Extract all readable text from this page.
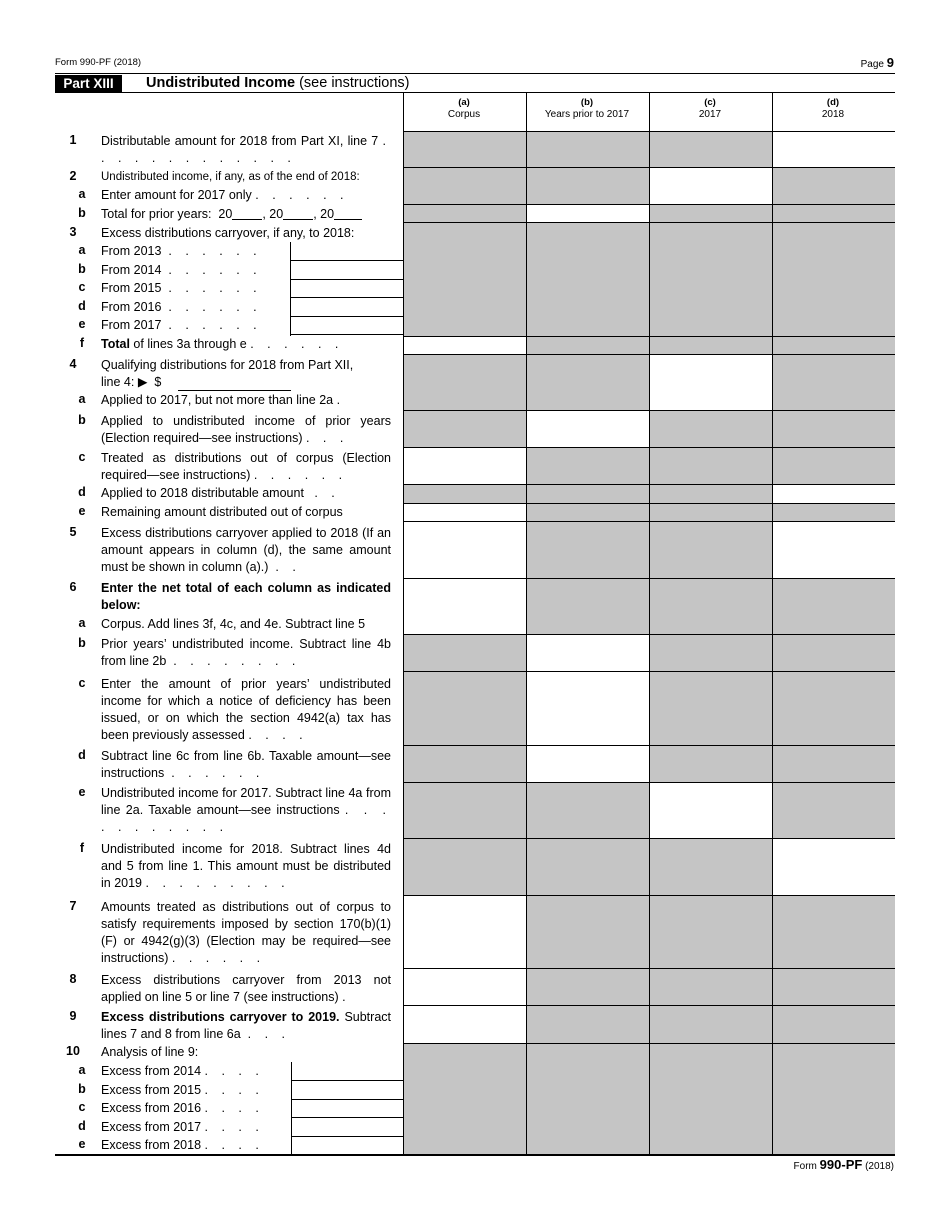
Form 990-PF (2018)	Page 9
Part XIII	Undistributed Income (see instructions)
(a)
Corpus
(b)
Years prior to 2017
(c)
2017
(d)
2018
1	Distributable amount for 2018 from Part XI, line 7 . . . . . . . . . . . . .
2	Undistributed income, if any, as of the end of 2018:
a	Enter amount for 2017 only . . . . . .
b	Total for prior years: 20 , 20 , 20
3	Excess distributions carryover, if any, to 2018:
a	From 2013 . . . . . .
b	From 2014 . . . . . .
c	From 2015 . . . . . .
d	From 2016 . . . . . .
e	From 2017 . . . . . .
f	Total of lines 3a through e . . . . . .
4	Qualifying distributions for 2018 from Part XII,
line 4: ▶ $
a	Applied to 2017, but not more than line 2a .
b	Applied to undistributed income of prior years (Election required—see instructions) . . .
c	Treated as distributions out of corpus (Election required—see instructions) . . . . . .
d	Applied to 2018 distributable amount . .
e	Remaining amount distributed out of corpus
5	Excess distributions carryover applied to 2018 (If an amount appears in column (d), the same amount must be shown in column (a).) . .
6	Enter the net total of each column as indicated below:
a	Corpus. Add lines 3f, 4c, and 4e. Subtract line 5
b	Prior years’ undistributed income. Subtract line 4b from line 2b . . . . . . . .
c	Enter the amount of prior years’ undistributed income for which a notice of deficiency has been issued, or on which the section 4942(a) tax has been previously assessed . . . .
d	Subtract line 6c from line 6b. Taxable amount—see instructions . . . . . .
e	Undistributed income for 2017. Subtract line 4a from line 2a. Taxable amount—see instructions . . . . . . . . . . .
f	Undistributed income for 2018. Subtract lines 4d and 5 from line 1. This amount must be distributed in 2019 . . . . . . . . .
7	Amounts treated as distributions out of corpus to satisfy requirements imposed by section 170(b)(1)(F) or 4942(g)(3) (Election may be required—see instructions) . . . . . .
8	Excess distributions carryover from 2013 not applied on line 5 or line 7 (see instructions) .
9	Excess distributions carryover to 2019. Subtract lines 7 and 8 from line 6a . . .
10	Analysis of line 9:
a	Excess from 2014 . . . .
b	Excess from 2015 . . . .
c	Excess from 2016 . . . .
d	Excess from 2017 . . . .
e	Excess from 2018 . . . .
Form 990-PF (2018)
